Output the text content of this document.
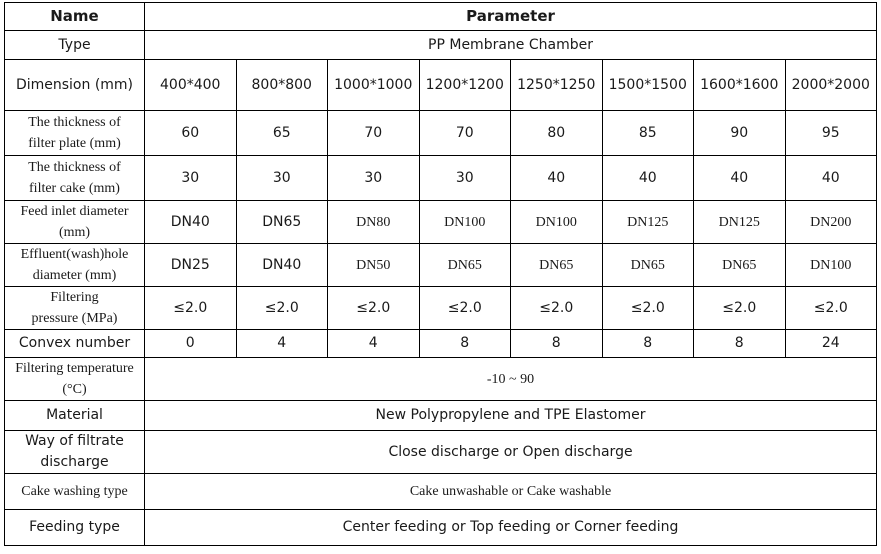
Name	Parameter							
Type	PP Membrane Chamber							
Dimension (mm)	400*400	800*800	1000*1000	1200*1200	1250*1250	1500*1500	1600*1600	2000*2000
The thickness of
filter plate (mm)	60	65	70	70	80	85	90	95
The thickness of
filter cake (mm)	30	30	30	30	40	40	40	40
Feed inlet diameter
(mm)	DN40	DN65	DN80	DN100	DN100	DN125	DN125	DN200
Effluent(wash)hole
diameter (mm)	DN25	DN40	DN50	DN65	DN65	DN65	DN65	DN100
Filtering
pressure (MPa)	≤2.0	≤2.0	≤2.0	≤2.0	≤2.0	≤2.0	≤2.0	≤2.0
Convex number	0	4	4	8	8	8	8	24
Filtering temperature
(°C)	-10 ~ 90							
Material	New Polypropylene and TPE Elastomer							
Way of filtrate
discharge	Close discharge or Open discharge							
Cake washing type	Cake unwashable or Cake washable							
Feeding type	Center feeding or Top feeding or Corner feeding							
